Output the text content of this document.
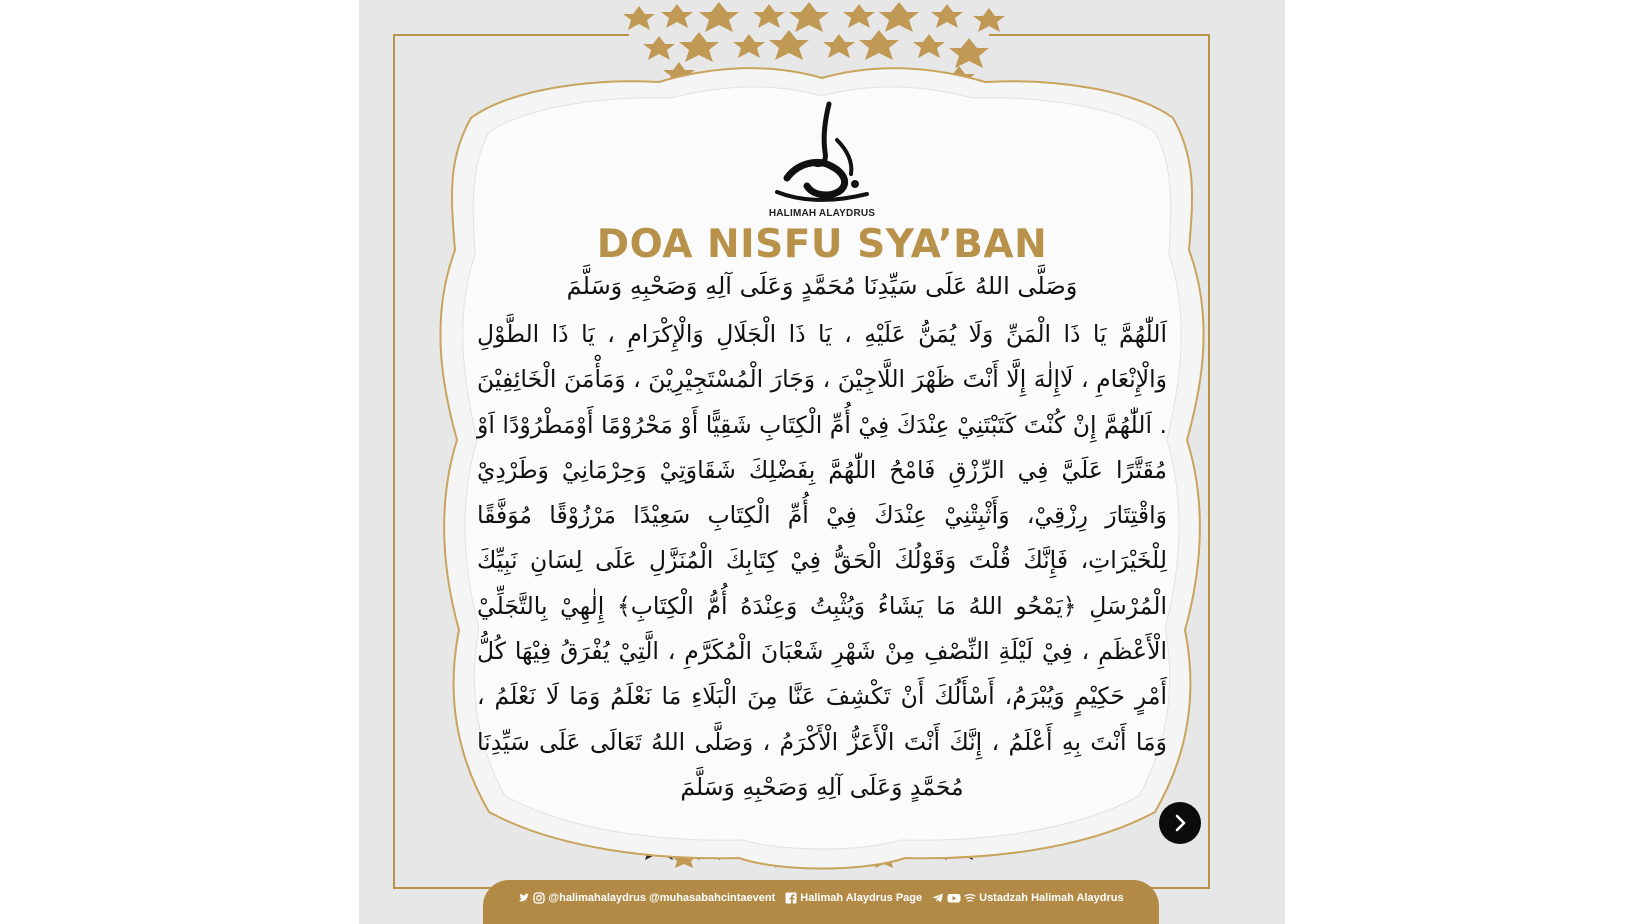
HALIMAH ALAYDRUS
DOA NISFU SYA’BAN
وَصَلَّى اللهُ عَلَى سَيِّدِنَا مُحَمَّدٍ وَعَلَى آلِهِ وَصَحْبِهِ وَسَلَّمَ
اَللّٰهُمَّ يَا ذَا الْمَنِّ وَلَا يُمَنُّ عَلَيْهِ ، يَا ذَا الْجَلَالِ وَالْإِكْرَامِ ، يَا ذَا الطَّوْلِ وَالْإِنْعَامِ ، لَاإِلٰهَ إِلَّا أَنْتَ ظَهْرَ اللَّاجِيْنَ ، وَجَارَ الْمُسْتَجِيْرِيْنَ ، وَمَأْمَنَ الْخَائِفِيْنَ . اَللّٰهُمَّ إِنْ كُنْتَ كَتَبْتَنِيْ عِنْدَكَ فِيْ أُمِّ الْكِتَابِ شَقِيًّا أَوْ مَحْرُوْمًا أَوْمَطْرُوْدًا اَوْ مُقَتَّرًا عَلَيَّ فِي الرِّزْقِ فَامْحُ اللّٰهُمَّ بِفَضْلِكَ شَقَاوَتِيْ وَحِرْمَانِيْ وَطَرْدِيْ وَاقْتِتَارَ رِزْقِيْ، وَأَثْبِتْنِيْ عِنْدَكَ فِيْ أُمِّ الْكِتَابِ سَعِيْدًا مَرْزُوْقًا مُوَفَّقًا لِلْخَيْرَاتِ، فَإِنَّكَ قُلْتَ وَقَوْلُكَ الْحَقُّ فِيْ كِتَابِكَ الْمُنَزَّلِ عَلَى لِسَانِ نَبِيِّكَ الْمُرْسَلِ ﴿يَمْحُو اللهُ مَا يَشَاءُ وَيُثْبِتُ وَعِنْدَهُ أُمُّ الْكِتَابِ﴾ إِلٰهِيْ بِالتَّجَلِّيْ الْأَعْظَمِ ، فِيْ لَيْلَةِ النِّصْفِ مِنْ شَهْرِ شَعْبَانَ الْمُكَرَّمِ ، الَّتِيْ يُفْرَقُ فِيْهَا كُلُّ أَمْرٍ حَكِيْمٍ وَيُبْرَمُ، أَسْأَلُكَ أَنْ تَكْشِفَ عَنَّا مِنَ الْبَلَاءِ مَا نَعْلَمُ وَمَا لَا نَعْلَمُ ، وَمَا أَنْتَ بِهِ أَعْلَمُ ، إِنَّكَ أَنْتَ الْأَعَزُّ الْأَكْرَمُ ، وَصَلَّى اللهُ تَعَالَى عَلَى سَيِّدِنَا مُحَمَّدٍ وَعَلَى آلِهِ وَصَحْبِهِ وَسَلَّمَ
@halimahalaydrus @muhasabahcintaevent Halimah Alaydrus Page	Ustadzah Halimah Alaydrus
